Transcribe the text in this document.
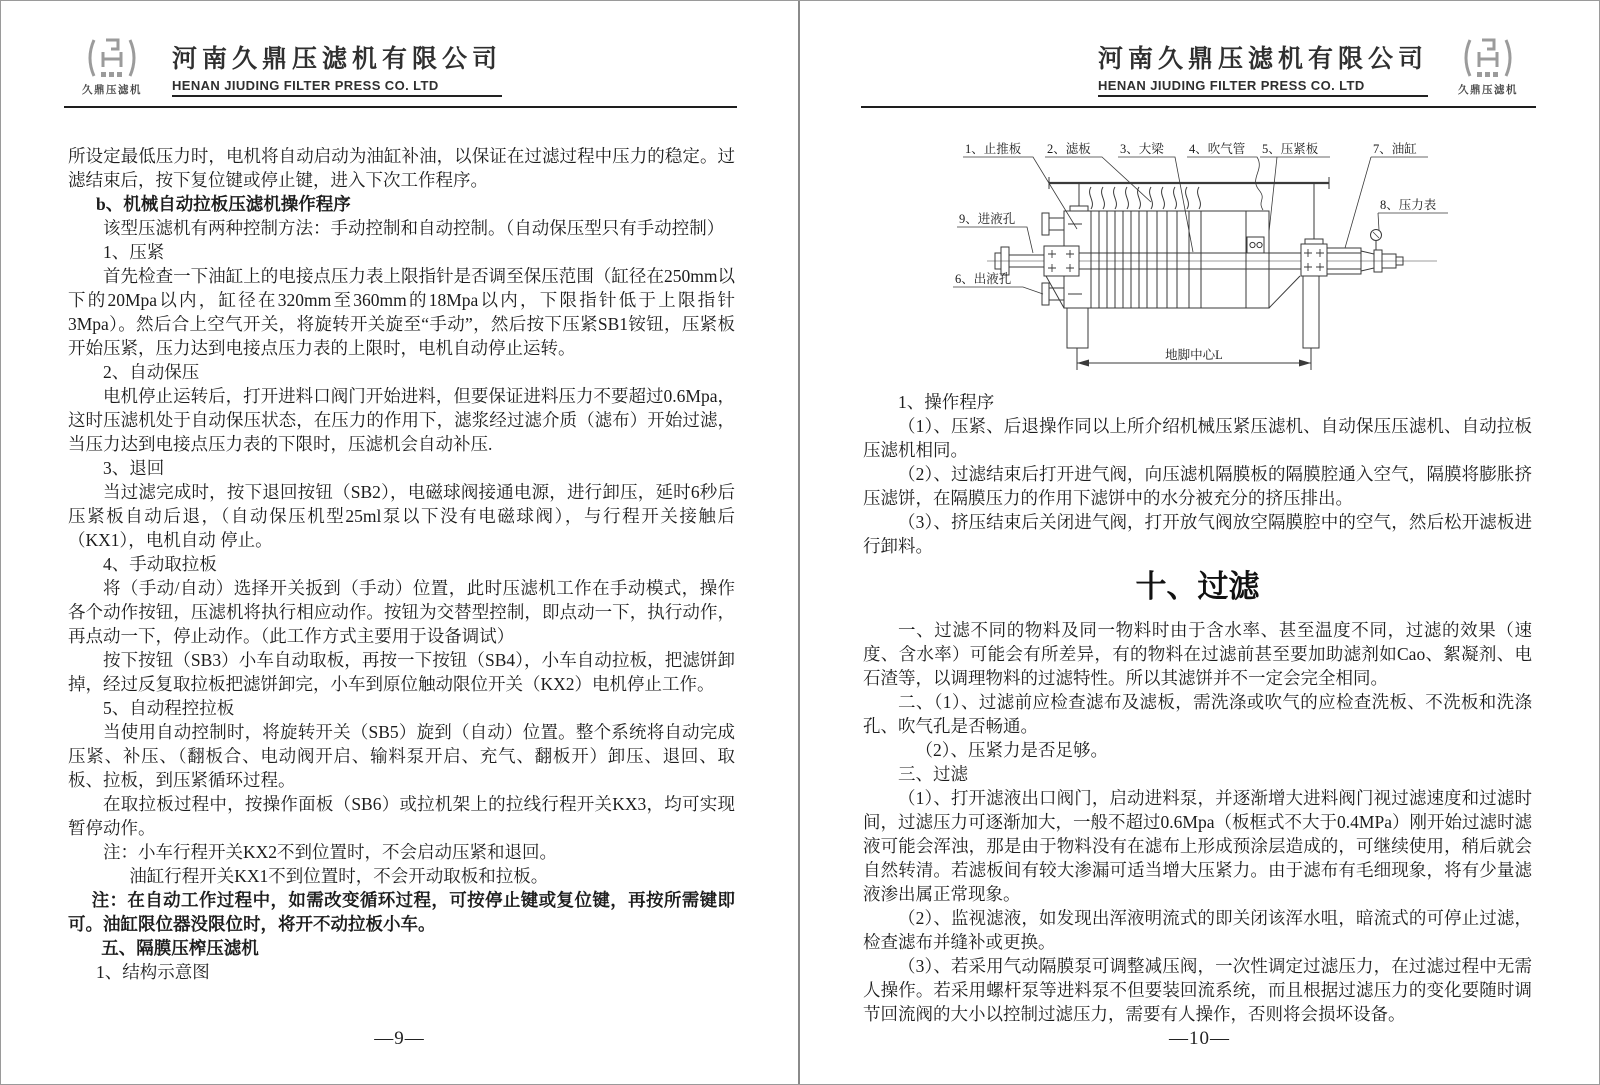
久鼎压滤机
河南久鼎压滤机有限公司
HENAN JIUDING FILTER PRESS CO. LTD

所设定最低压力时，电机将自动启动为油缸补油，以保证在过滤过程中压力的稳定。过滤结束后，按下复位键或停止键，进入下次工作程序。

b、机械自动拉板压滤机操作程序

该型压滤机有两种控制方法：手动控制和自动控制。（自动保压型只有手动控制）

1、压紧

首先检查一下油缸上的电接点压力表上限指针是否调至保压范围（缸径在250mm以下的20Mpa以内，缸径在320mm至360mm的18Mpa以内，下限指针低于上限指针3Mpa）。然后合上空气开关，将旋转开关旋至“手动”，然后按下压紧SB1铵钮，压紧板开始压紧，压力达到电接点压力表的上限时，电机自动停止运转。

2、自动保压

电机停止运转后，打开进料口阀门开始进料，但要保证进料压力不要超过0.6Mpa，这时压滤机处于自动保压状态，在压力的作用下，滤浆经过滤介质（滤布）开始过滤，当压力达到电接点压力表的下限时，压滤机会自动补压.

3、退回

当过滤完成时，按下退回按钮（SB2），电磁球阀接通电源，进行卸压，延时6秒后压紧板自动后退，（自动保压机型25ml泵以下没有电磁球阀），与行程开关接触后（KX1），电机自动 停止。

4、手动取拉板

将（手动/自动）选择开关扳到（手动）位置，此时压滤机工作在手动模式，操作各个动作按钮，压滤机将执行相应动作。按钮为交替型控制，即点动一下，执行动作，再点动一下，停止动作。（此工作方式主要用于设备调试）

按下按钮（SB3）小车自动取板，再按一下按钮（SB4），小车自动拉板，把滤饼卸掉，经过反复取拉板把滤饼卸完，小车到原位触动限位开关（KX2）电机停止工作。

5、自动程控拉板

当使用自动控制时，将旋转开关（SB5）旋到（自动）位置。整个系统将自动完成压紧、补压、（翻板合、电动阀开启、输料泵开启、充气、翻板开）卸压、退回、取板、拉板，到压紧循环过程。

在取拉板过程中，按操作面板（SB6）或拉机架上的拉线行程开关KX3，均可实现暂停动作。

注：小车行程开关KX2不到位置时，不会启动压紧和退回。

油缸行程开关KX1不到位置时，不会开动取板和拉板。

注：在自动工作过程中，如需改变循环过程，可按停止键或复位键，再按所需键即可。油缸限位器没限位时，将开不动拉板小车。

五、隔膜压榨压滤机

1、结构示意图

—9—
河南久鼎压滤机有限公司
HENAN JIUDING FILTER PRESS CO. LTD	久鼎压滤机
1、止推板 2、滤板 3、大梁 4、吹气管 5、压紧板	7、油缸
8、压力表
9、进液孔
6、出液孔
地脚中心L

1、操作程序

（1）、压紧、后退操作同以上所介绍机械压紧压滤机、自动保压压滤机、自动拉板压滤机相同。

（2）、过滤结束后打开进气阀，向压滤机隔膜板的隔膜腔通入空气，隔膜将膨胀挤压滤饼，在隔膜压力的作用下滤饼中的水分被充分的挤压排出。

（3）、挤压结束后关闭进气阀，打开放气阀放空隔膜腔中的空气，然后松开滤板进行卸料。

十、过滤

一、过滤不同的物料及同一物料时由于含水率、甚至温度不同，过滤的效果（速度、含水率）可能会有所差异，有的物料在过滤前甚至要加助滤剂如Cao、絮凝剂、电石渣等，以调理物料的过滤特性。所以其滤饼并不一定会完全相同。

二、（1）、过滤前应检查滤布及滤板，需洗涤或吹气的应检查洗板、不洗板和洗涤孔、吹气孔是否畅通。

（2）、压紧力是否足够。

三、过滤

（1）、打开滤液出口阀门，启动进料泵，并逐渐增大进料阀门视过滤速度和过滤时间，过滤压力可逐渐加大，一般不超过0.6Mpa（板框式不大于0.4MPa）刚开始过滤时滤液可能会浑浊，那是由于物料没有在滤布上形成预涂层造成的，可继续使用，稍后就会自然转清。若滤板间有较大渗漏可适当增大压紧力。由于滤布有毛细现象，将有少量滤液渗出属正常现象。

（2）、监视滤液，如发现出浑液明流式的即关闭该浑水咀，暗流式的可停止过滤，检查滤布并缝补或更换。

（3）、若采用气动隔膜泵可调整减压阀，一次性调定过滤压力，在过滤过程中无需人操作。若采用螺杆泵等进料泵不但要装回流系统，而且根据过滤压力的变化要随时调节回流阀的大小以控制过滤压力，需要有人操作，否则将会损坏设备。

—10—
